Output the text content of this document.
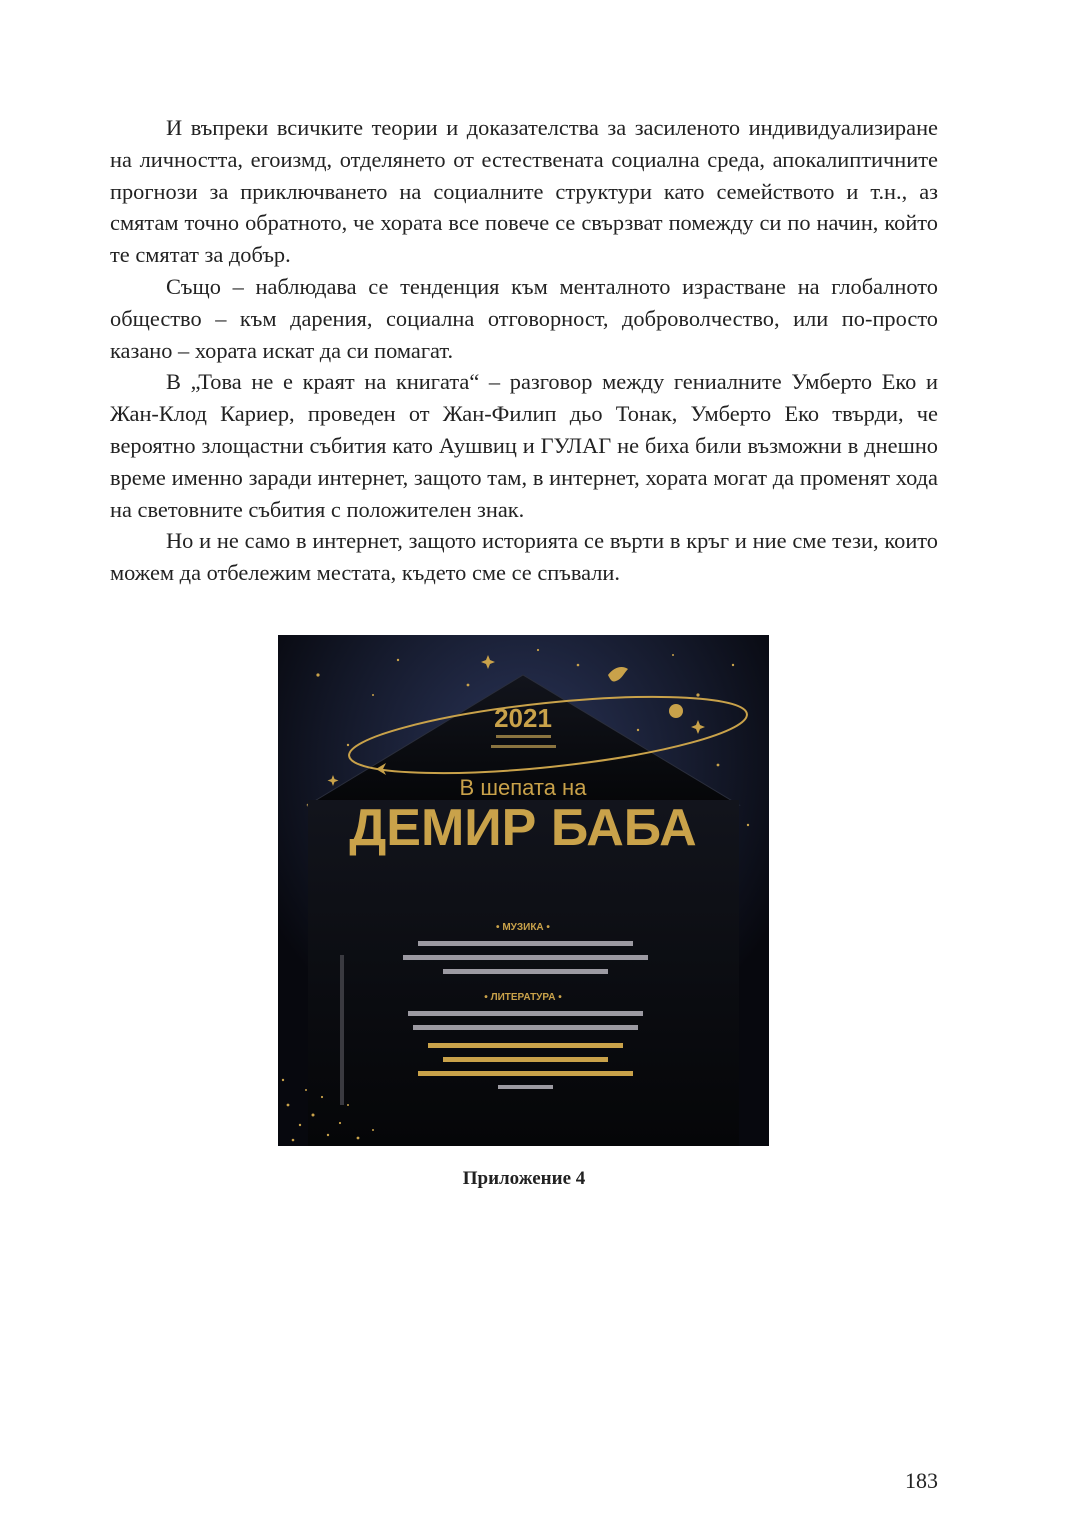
И въпреки всичките теории и доказателства за засиленото индивидуализиране на личността, егоизмд, отделянето от естествената социална среда, апокалиптичните прогнози за приключването на социалните структури като семейството и т.н., аз смятам точно обратното, че хората все повече се свързват помежду си по начин, който те смятат за добър.

Също – наблюдава се тенденция към менталното израстване на глобалното общество – към дарения, социална отговорност, доброволчество, или по-просто казано – хората искат да си помагат.

В „Това не е краят на книгата“ – разговор между гениалните Умберто Еко и Жан-Клод Кариер, проведен от Жан-Филип дьо Тонак, Умберто Еко твърди, че вероятно злощастни събития като Аушвиц и ГУЛАГ не биха били възможни в днешно време именно заради интернет, защото там, в интернет, хората могат да променят хода на световните събития с положителен знак.

Но и не само в интернет, защото историята се върти в кръг и ние сме тези, които можем да отбележим местата, където сме се спъвали.

2021
В шепата на
ДЕМИР БАБА
• МУЗИКА •
• ЛИТЕРАТУРА •
Приложение 4
183
